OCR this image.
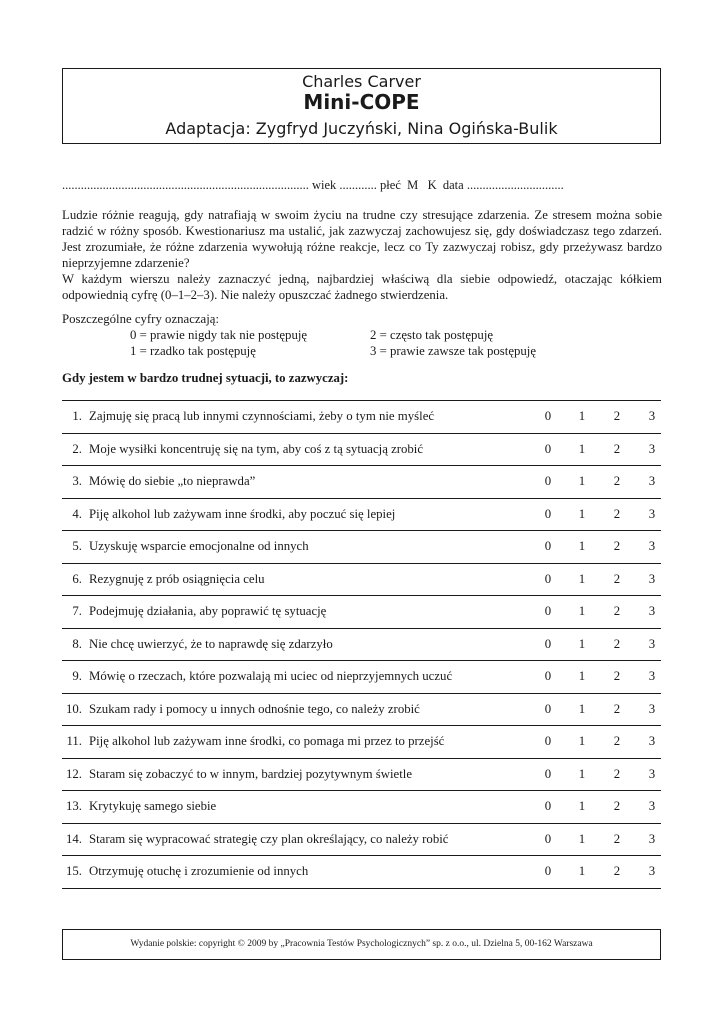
Charles Carver
Mini-COPE
Adaptacja: Zygfryd Juczyński, Nina Ogińska-Bulik
............................................................................... wiek ............ płeć  M   K  data ...............................

Ludzie różnie reagują, gdy natrafiają w swoim życiu na trudne czy stresujące zdarzenia. Ze stresem można sobie radzić w różny sposób. Kwestionariusz ma ustalić, jak zazwyczaj zachowujesz się, gdy doświadczasz tego zdarzeń. Jest zrozumiałe, że różne zdarzenia wywołują różne reakcje, lecz co Ty zazwyczaj robisz, gdy przeżywasz bardzo nieprzyjemne zdarzenie?

W każdym wierszu należy zaznaczyć jedną, najbardziej właściwą dla siebie odpowiedź, otaczając kółkiem odpowiednią cyfrę (0–1–2–3). Nie należy opuszczać żadnego stwierdzenia.

Poszczególne cyfry oznaczają:
0 = prawie nigdy tak nie postępuję	2 = często tak postępuję
1 = rzadko tak postępuję	3 = prawie zawsze tak postępuję
Gdy jestem w bardzo trudnej sytuacji, to zazwyczaj:
1. Zajmuję się pracą lub innymi czynnościami, żeby o tym nie myśleć	0 1 2 3
2. Moje wysiłki koncentruję się na tym, aby coś z tą sytuacją zrobić	0 1 2 3
3. Mówię do siebie „to nieprawda”	0 1 2 3
4. Piję alkohol lub zażywam inne środki, aby poczuć się lepiej	0 1 2 3
5. Uzyskuję wsparcie emocjonalne od innych	0 1 2 3
6. Rezygnuję z prób osiągnięcia celu	0 1 2 3
7. Podejmuję działania, aby poprawić tę sytuację	0 1 2 3
8. Nie chcę uwierzyć, że to naprawdę się zdarzyło	0 1 2 3
9. Mówię o rzeczach, które pozwalają mi uciec od nieprzyjemnych uczuć	0 1 2 3
10. Szukam rady i pomocy u innych odnośnie tego, co należy zrobić	0 1 2 3
11. Piję alkohol lub zażywam inne środki, co pomaga mi przez to przejść	0 1 2 3
12. Staram się zobaczyć to w innym, bardziej pozytywnym świetle	0 1 2 3
13. Krytykuję samego siebie	0 1 2 3
14. Staram się wypracować strategię czy plan określający, co należy robić	0 1 2 3
15. Otrzymuję otuchę i zrozumienie od innych	0 1 2 3
Wydanie polskie: copyright © 2009 by „Pracownia Testów Psychologicznych” sp. z o.o., ul. Dzielna 5, 00-162 Warszawa
